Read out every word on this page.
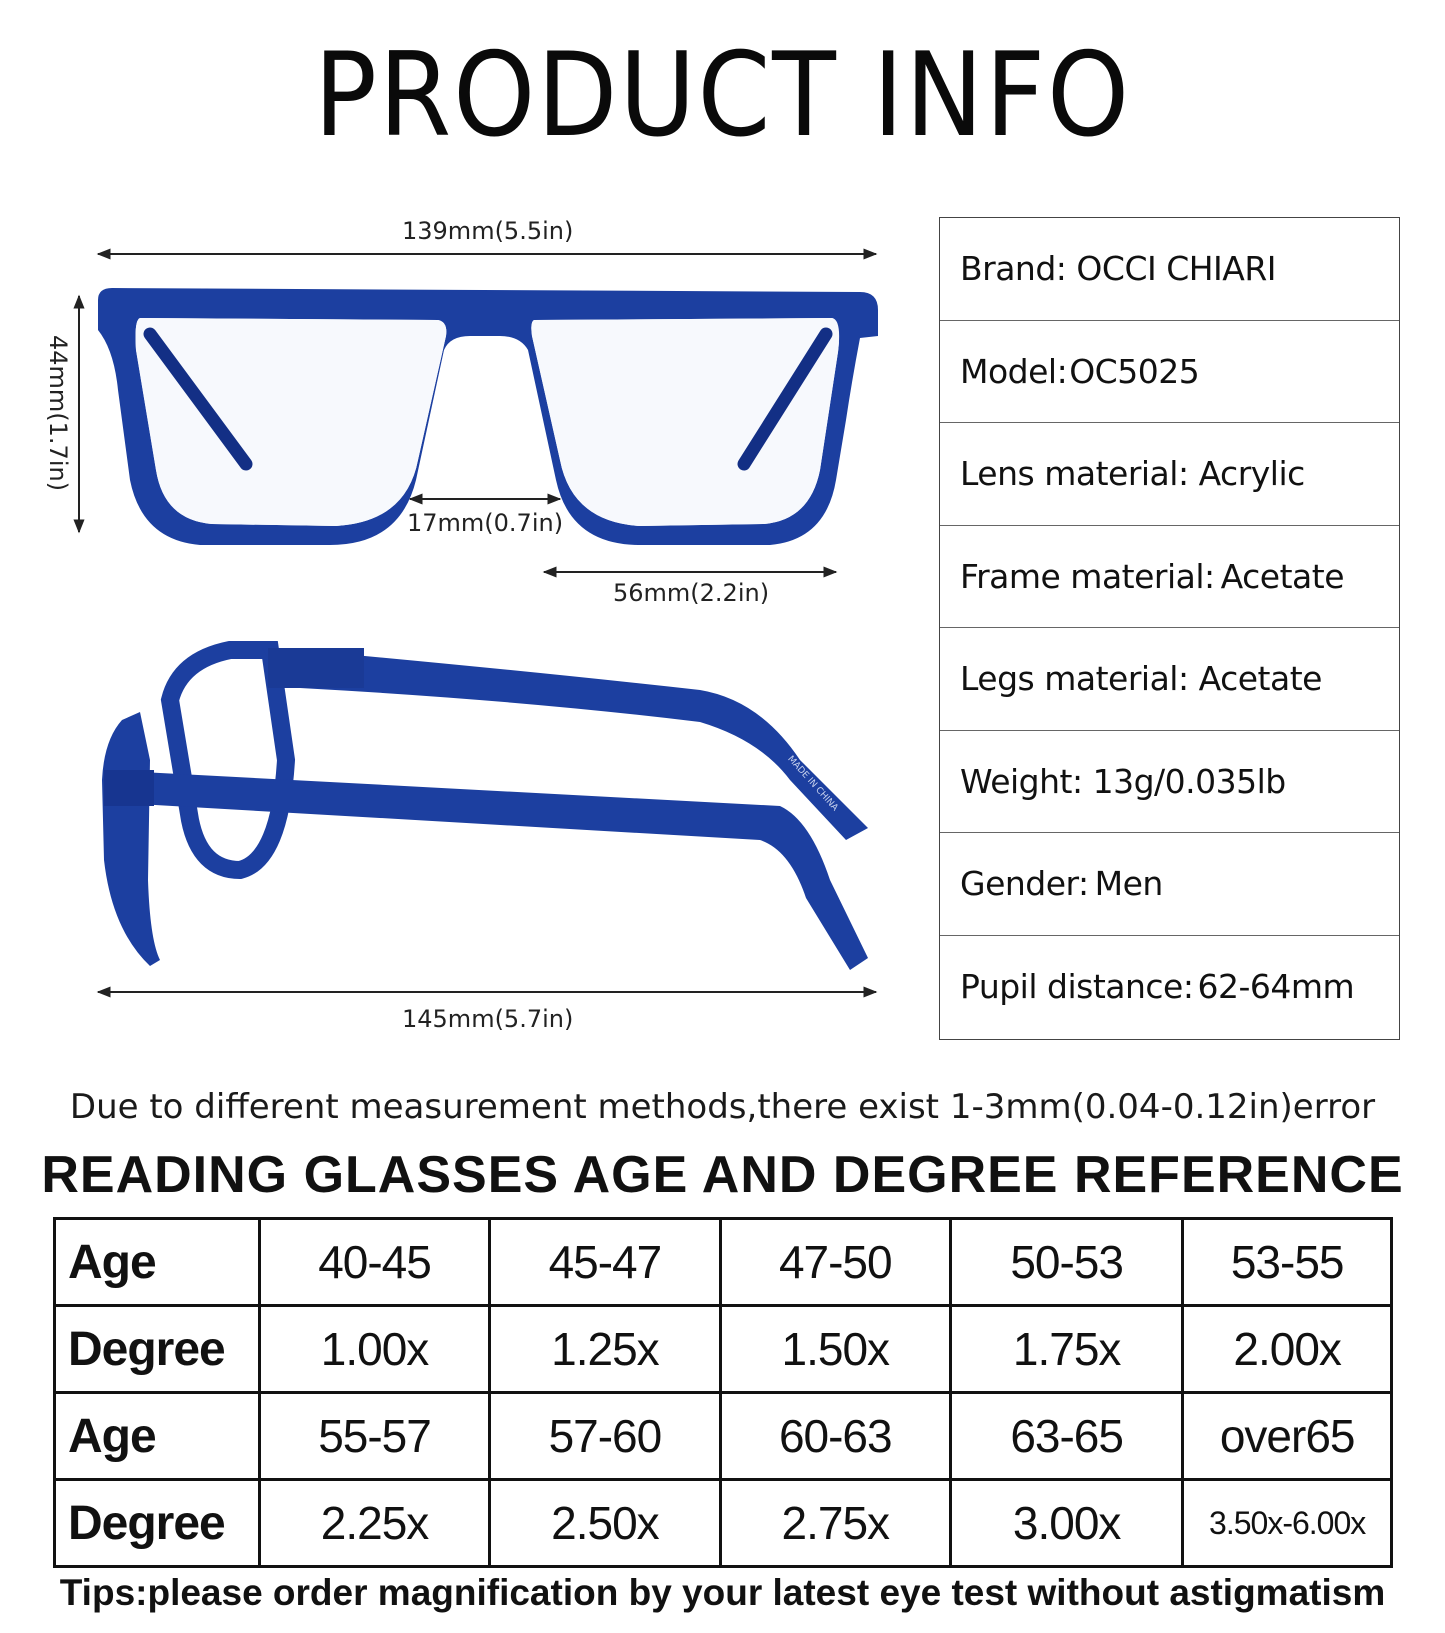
PRODUCT INFO
139mm(5.5in)
44mm(1.7in)
17mm(0.7in)
56mm(2.2in)
145mm(5.7in)
MADE IN CHINA
Brand: OCCI CHIARI
Model: OC5025
Lens material: Acrylic
Frame material: Acetate
Legs material: Acetate
Weight: 13g/0.035lb
Gender: Men
Pupil distance: 62-64mm
Due to different measurement methods,there exist 1-3mm(0.04-0.12in)error
READING GLASSES AGE AND DEGREE REFERENCE
Age	40-45	45-47	47-50	50-53	53-55
Degree	1.00x	1.25x	1.50x	1.75x	2.00x
Age	55-57	57-60	60-63	63-65	over65
Degree	2.25x	2.50x	2.75x	3.00x	3.50x-6.00x
Tips:please order magnification by your latest eye test without astigmatism
